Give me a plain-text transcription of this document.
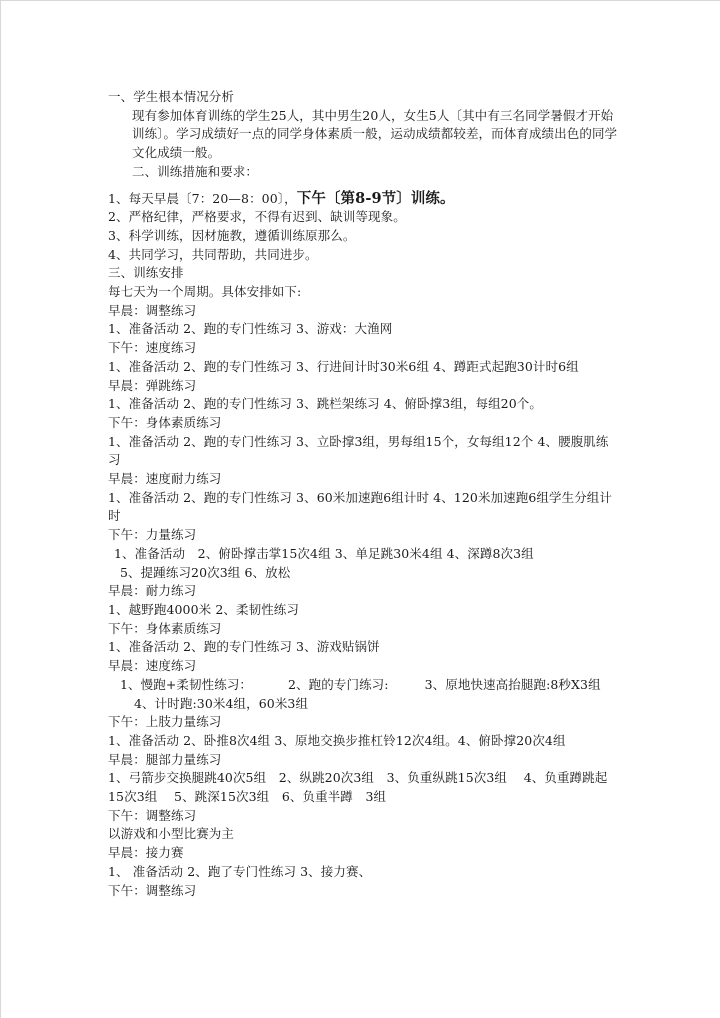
一、学生根本情况分析
现有参加体育训练的学生25人，其中男生20人，女生5人〔其中有三名同学暑假才开始训练〕。学习成绩好一点的同学身体素质一般，运动成绩都较差，而体育成绩出色的同学文化成绩一般。
二、训练措施和要求：
1、每天早晨〔7：20—8：00〕，下午〔第8-9节〕训练。
2、严格纪律，严格要求，不得有迟到、缺训等现象。
3、科学训练，因材施教，遵循训练原那么。
4、共同学习，共同帮助，共同进步。
三、训练安排
每七天为一个周期。具体安排如下:
早晨：调整练习
1、准备活动 2、跑的专门性练习 3、游戏：大渔网
下午：速度练习
1、准备活动 2、跑的专门性练习 3、行进间计时30米6组 4、蹲距式起跑30计时6组
早晨：弹跳练习
1、准备活动 2、跑的专门性练习 3、跳栏架练习 4、俯卧撑3组，每组20个。
下午：身体素质练习
1、准备活动 2、跑的专门性练习 3、立卧撑3组，男每组15个，女每组12个 4、腰腹肌练习
早晨：速度耐力练习
1、准备活动 2、跑的专门性练习 3、60米加速跑6组计时 4、120米加速跑6组学生分组计时
下午：力量练习
1、准备活动　2、俯卧撑击掌15次4组 3、单足跳30米4组 4、深蹲8次3组
5、提踵练习20次3组 6、放松
早晨：耐力练习
1、越野跑4000米 2、柔韧性练习
下午：身体素质练习
1、准备活动 2、跑的专门性练习 3、游戏贴锅饼
早晨：速度练习
1、慢跑+柔韧性练习：	2、跑的专门练习:	3、原地快速高抬腿跑:8秒X3组
4、计时跑:30米4组，60米3组
下午：上肢力量练习
1、准备活动 2、卧推8次4组 3、原地交换步推杠铃12次4组。4、俯卧撑20次4组
早晨：腿部力量练习
1、弓箭步交换腿跳40次5组　2、纵跳20次3组　3、负重纵跳15次3组　 4、负重蹲跳起15次3组　 5、跳深15次3组　6、负重半蹲　3组
下午：调整练习
以游戏和小型比赛为主
早晨：接力赛
1、 准备活动 2、跑了专门性练习 3、接力赛、
下午：调整练习
